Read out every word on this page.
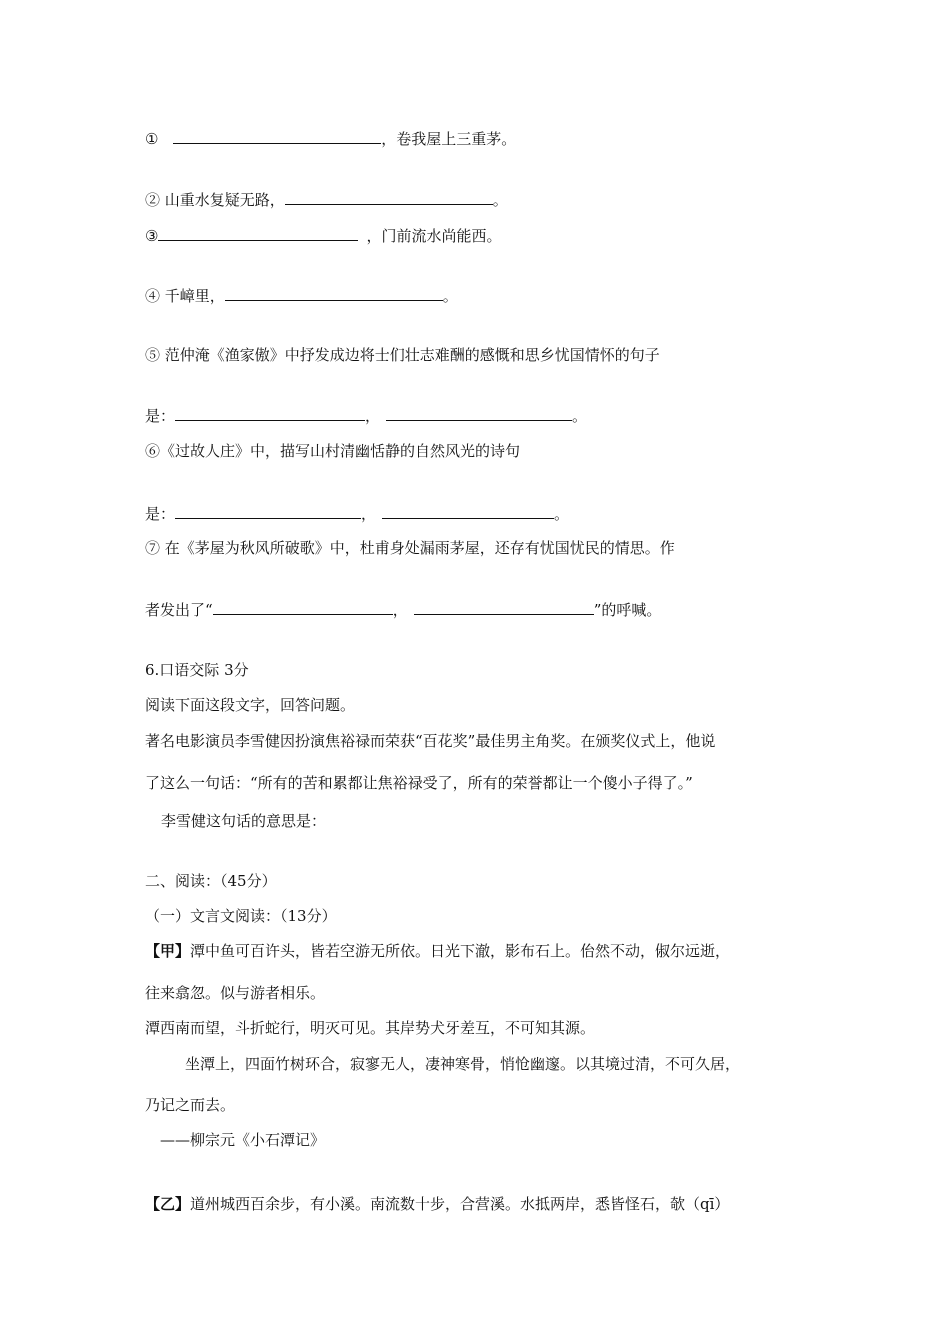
①	，卷我屋上三重茅。
② 山重水复疑无路，	。
③	，门前流水尚能西。
④ 千嶂里，	。
⑤ 范仲淹《渔家傲》中抒发成边将士们壮志难酬的感慨和思乡忧国情怀的句子
是：	，	。
⑥《过故人庄》中，描写山村清幽恬静的自然风光的诗句
是：	，	。
⑦ 在《茅屋为秋风所破歌》中，杜甫身处漏雨茅屋，还存有忧国忧民的情思。作
者发出了“	，	”的呼喊。
6.口语交际 3分
阅读下面这段文字，回答问题。
著名电影演员李雪健因扮演焦裕禄而荣获“百花奖”最佳男主角奖。在颁奖仪式上，他说
了这么一句话：“所有的苦和累都让焦裕禄受了，所有的荣誉都让一个傻小子得了。”
李雪健这句话的意思是：
二、阅读：（45分）
（一）文言文阅读：（13分）
【甲】潭中鱼可百许头，皆若空游无所依。日光下澈，影布石上。佁然不动，俶尔远逝，
往来翕忽。似与游者相乐。
潭西南而望，斗折蛇行，明灭可见。其岸势犬牙差互，不可知其源。
坐潭上，四面竹树环合，寂寥无人，凄神寒骨，悄怆幽邃。以其境过清，不可久居，
乃记之而去。
——柳宗元《小石潭记》
【乙】道州城西百余步，有小溪。南流数十步，合营溪。水抵两岸，悉皆怪石，欹（qī）
